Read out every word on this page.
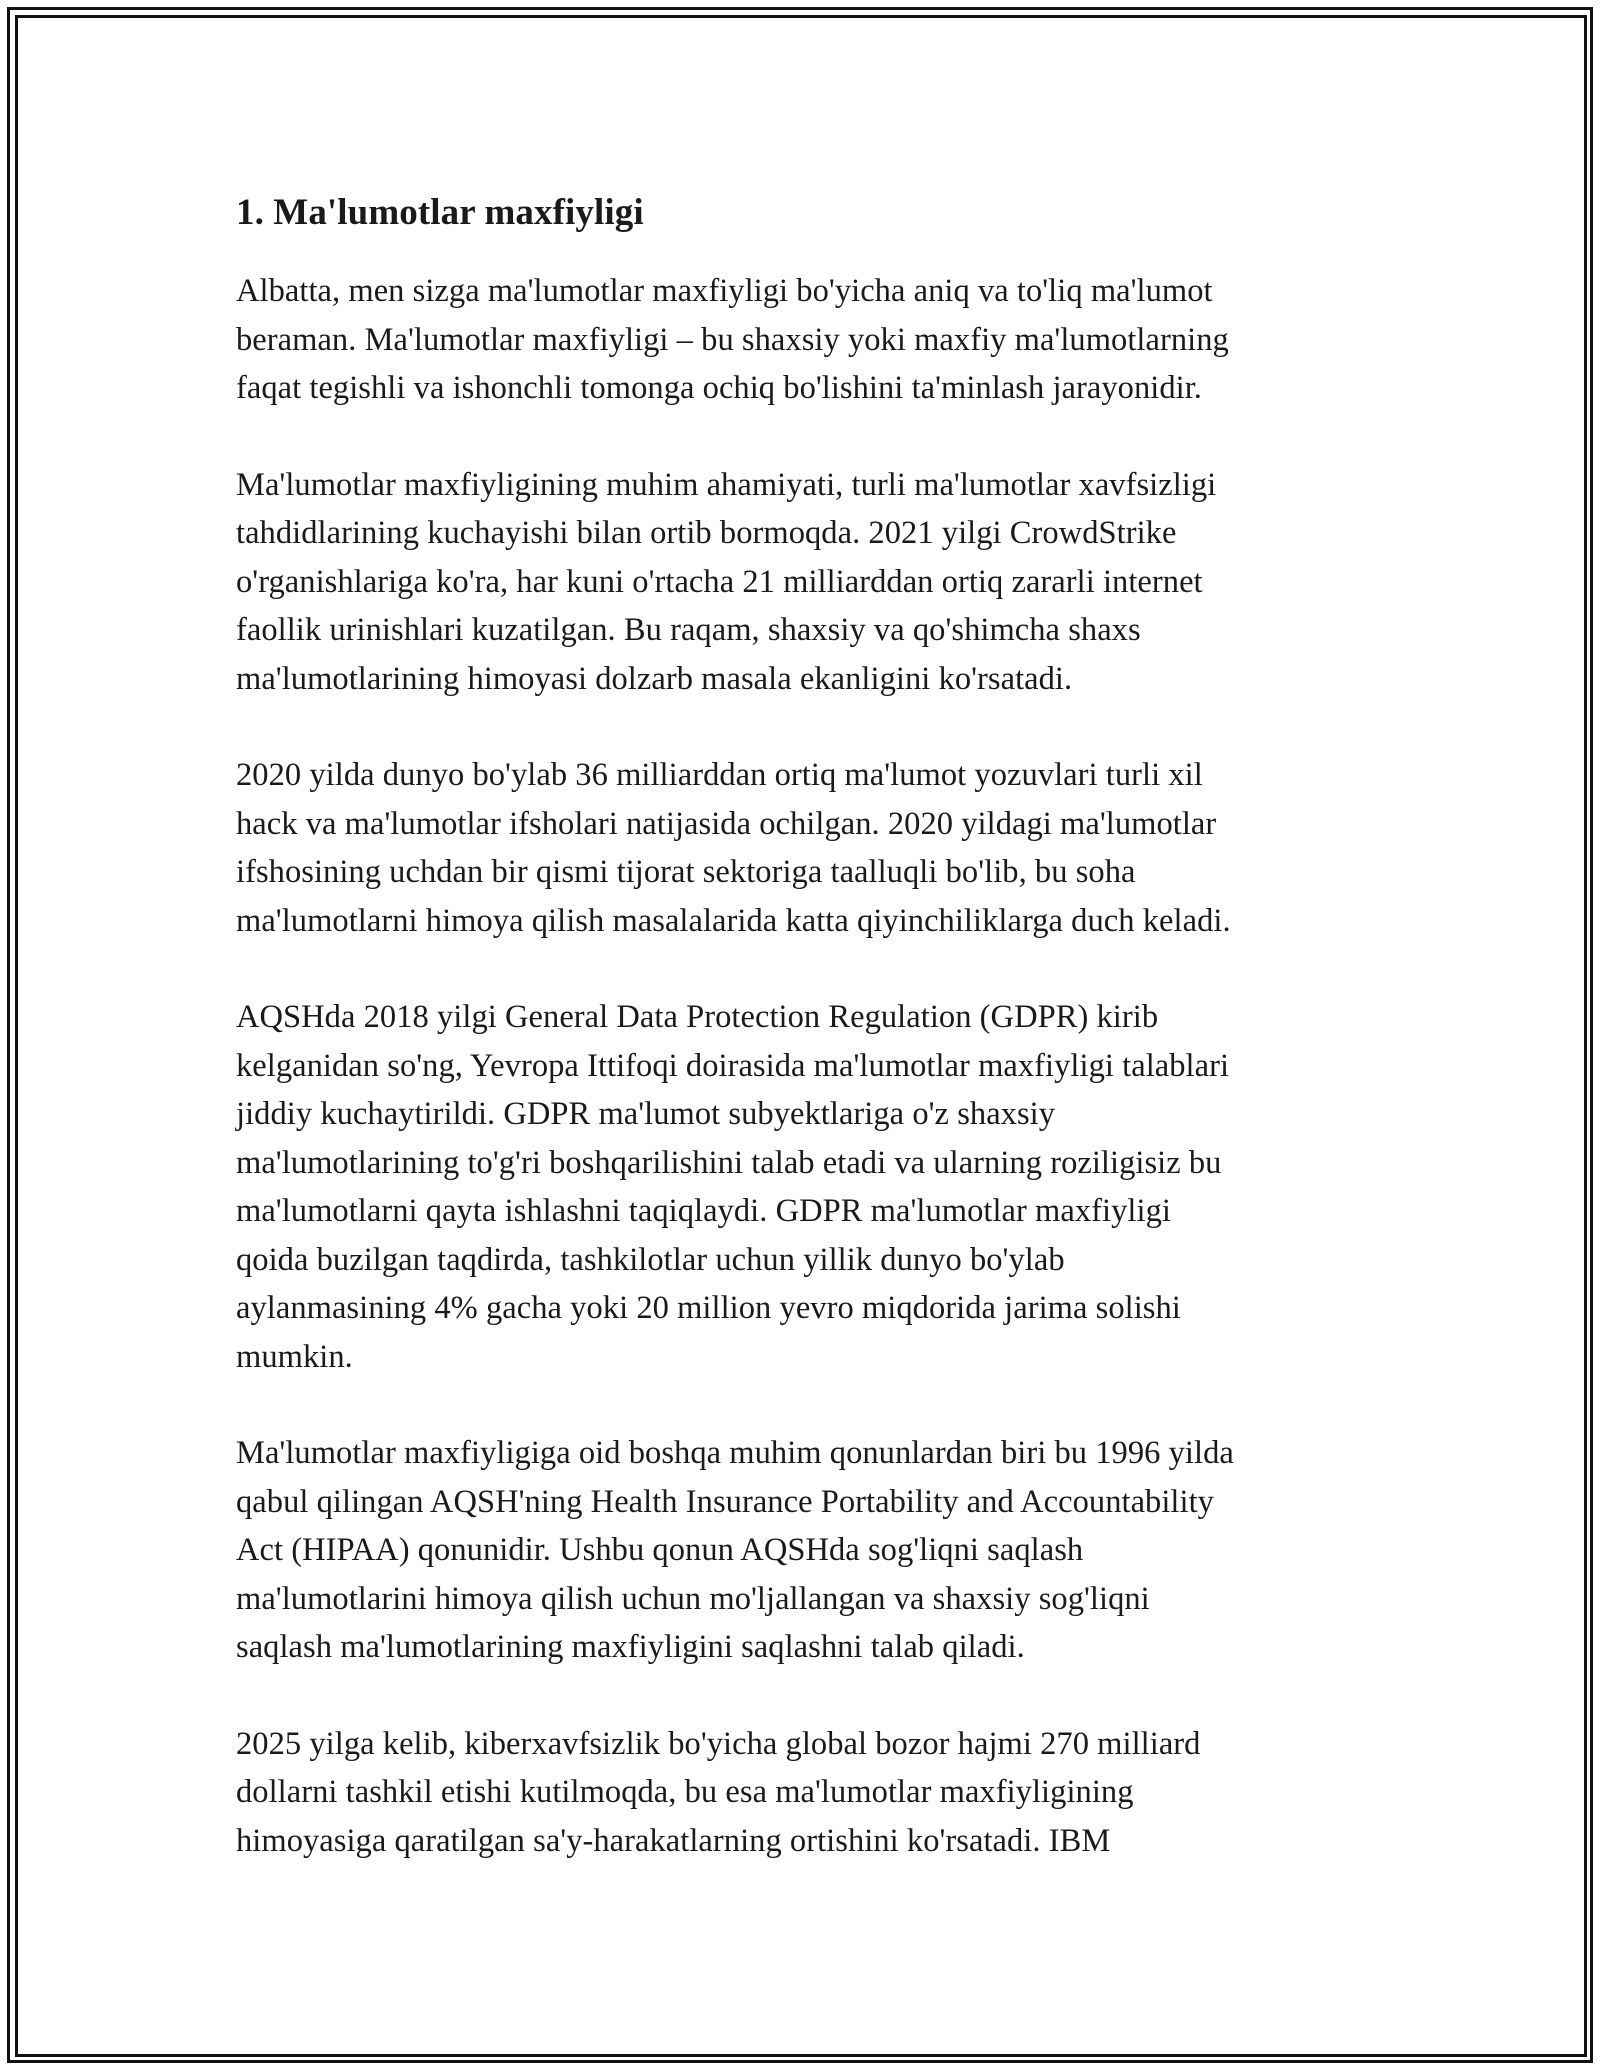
1. Ma'lumotlar maxfiyligi

Albatta, men sizga ma'lumotlar maxfiyligi bo'yicha aniq va to'liq ma'lumot
beraman. Ma'lumotlar maxfiyligi – bu shaxsiy yoki maxfiy ma'lumotlarning
faqat tegishli va ishonchli tomonga ochiq bo'lishini ta'minlash jarayonidir.

Ma'lumotlar maxfiyligining muhim ahamiyati, turli ma'lumotlar xavfsizligi
tahdidlarining kuchayishi bilan ortib bormoqda. 2021 yilgi CrowdStrike
o'rganishlariga ko'ra, har kuni o'rtacha 21 milliarddan ortiq zararli internet
faollik urinishlari kuzatilgan. Bu raqam, shaxsiy va qo'shimcha shaxs
ma'lumotlarining himoyasi dolzarb masala ekanligini ko'rsatadi.

2020 yilda dunyo bo'ylab 36 milliarddan ortiq ma'lumot yozuvlari turli xil
hack va ma'lumotlar ifsholari natijasida ochilgan. 2020 yildagi ma'lumotlar
ifshosining uchdan bir qismi tijorat sektoriga taalluqli bo'lib, bu soha
ma'lumotlarni himoya qilish masalalarida katta qiyinchiliklarga duch keladi.

AQSHda 2018 yilgi General Data Protection Regulation (GDPR) kirib
kelganidan so'ng, Yevropa Ittifoqi doirasida ma'lumotlar maxfiyligi talablari
jiddiy kuchaytirildi. GDPR ma'lumot subyektlariga o'z shaxsiy
ma'lumotlarining to'g'ri boshqarilishini talab etadi va ularning roziligisiz bu
ma'lumotlarni qayta ishlashni taqiqlaydi. GDPR ma'lumotlar maxfiyligi
qoida buzilgan taqdirda, tashkilotlar uchun yillik dunyo bo'ylab
aylanmasining 4% gacha yoki 20 million yevro miqdorida jarima solishi
mumkin.

Ma'lumotlar maxfiyligiga oid boshqa muhim qonunlardan biri bu 1996 yilda
qabul qilingan AQSH'ning Health Insurance Portability and Accountability
Act (HIPAA) qonunidir. Ushbu qonun AQSHda sog'liqni saqlash
ma'lumotlarini himoya qilish uchun mo'ljallangan va shaxsiy sog'liqni
saqlash ma'lumotlarining maxfiyligini saqlashni talab qiladi.

2025 yilga kelib, kiberxavfsizlik bo'yicha global bozor hajmi 270 milliard
dollarni tashkil etishi kutilmoqda, bu esa ma'lumotlar maxfiyligining
himoyasiga qaratilgan sa'y-harakatlarning ortishini ko'rsatadi. IBM
